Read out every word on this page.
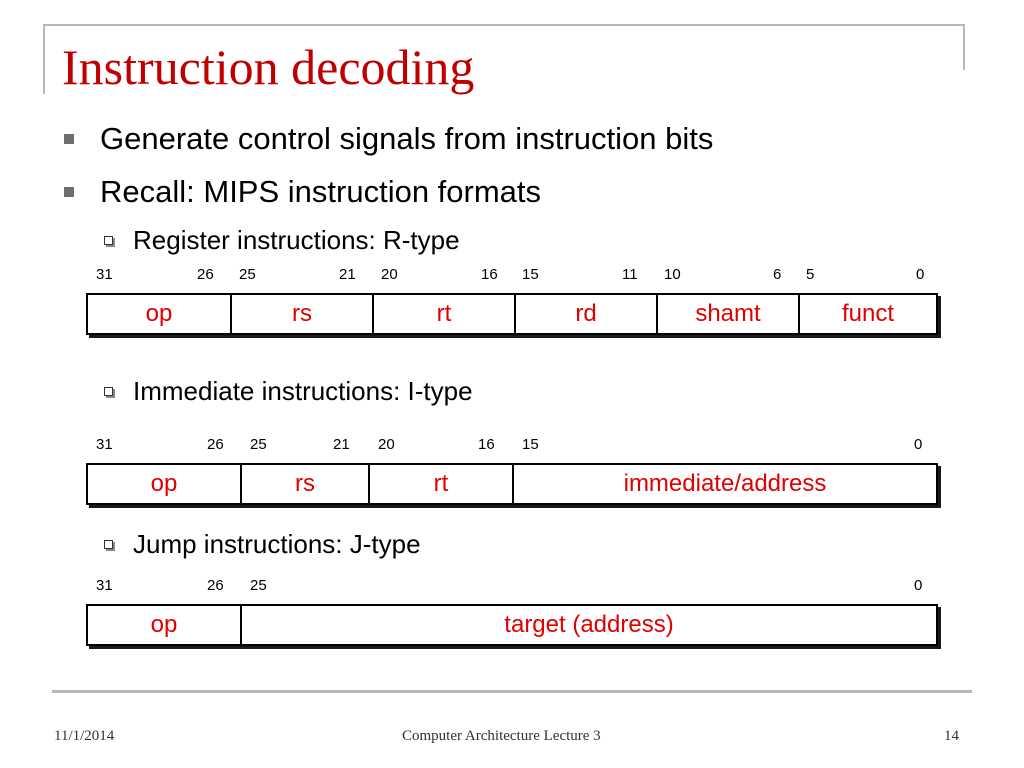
Instruction decoding
Generate control signals from instruction bits
Recall: MIPS instruction formats
Register instructions: R-type
31	26 25	21 20	16 15	11 10	6 5	0
op	rs	rt	rd	shamt	funct
Immediate instructions: I-type
31	26 25	21 20	16 15	0
op	rs	rt	immediate/address
Jump instructions: J-type
31	26 25	0
op	target (address)
11/1/2014	Computer Architecture Lecture 3	14
